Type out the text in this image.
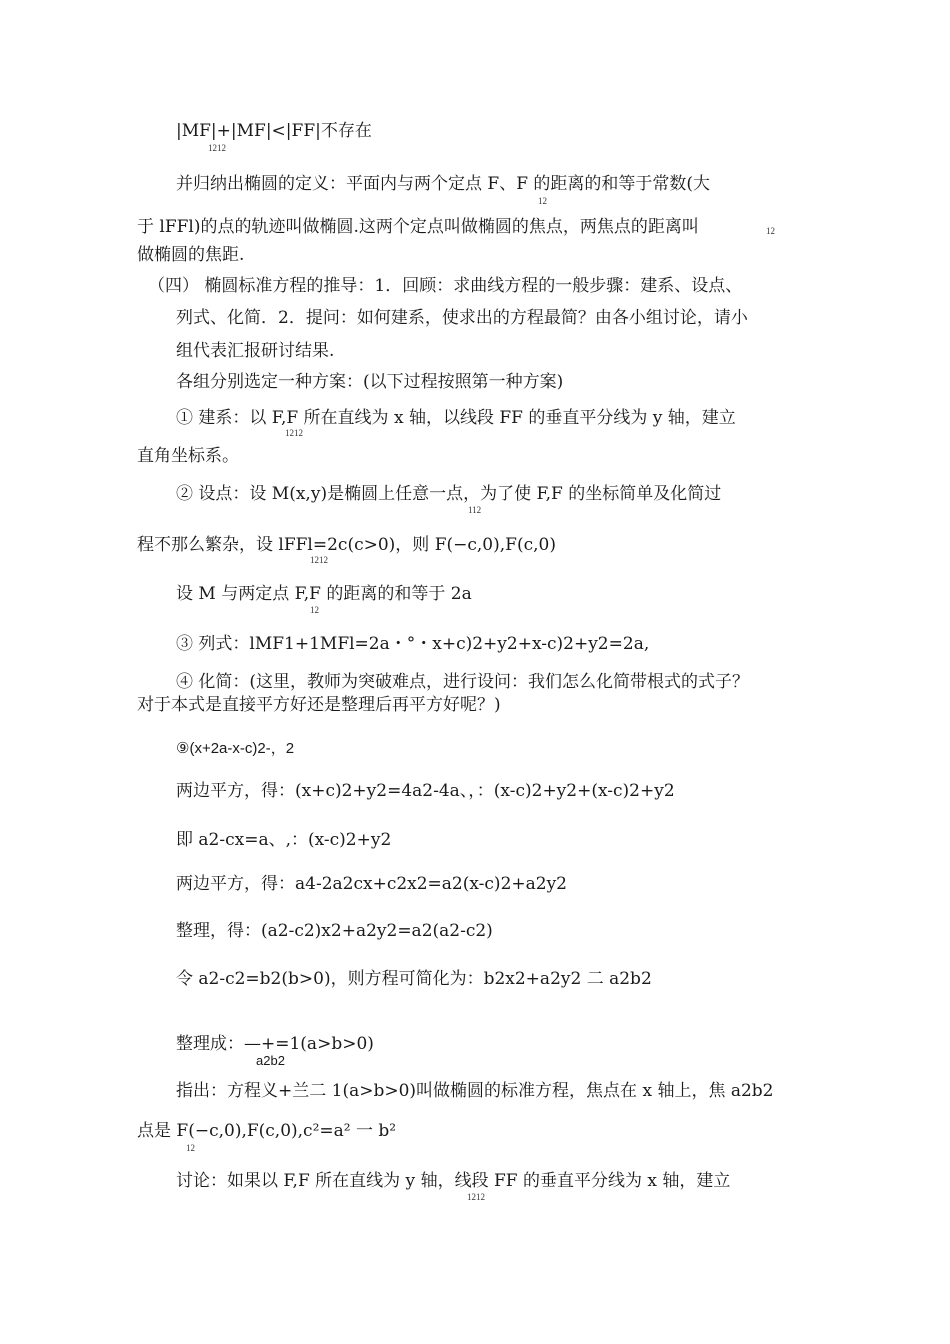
|MF|+|MF|<|FF|不存在
1212
并归纳出椭圆的定义：平面内与两个定点 F、F 的距离的和等于常数(大
12
于 lFFl)的点的轨迹叫做椭圆.这两个定点叫做椭圆的焦点，两焦点的距离叫	12
做椭圆的焦距.
（四） 椭圆标准方程的推导：1．回顾：求曲线方程的一般步骤：建系、设点、
列式、化简．2．提问：如何建系，使求出的方程最简？由各小组讨论，请小
组代表汇报研讨结果.
各组分别选定一种方案：(以下过程按照第一种方案)
① 建系：以 F,F 所在直线为 x 轴，以线段 FF 的垂直平分线为 y 轴，建立
1212
直角坐标系。
② 设点：设 M(x,y)是椭圆上任意一点，为了使 F,F 的坐标简单及化简过
112
程不那么繁杂，设 lFFl=2c(c>0)，则 F(−c,0),F(c,0)
1212
设 M 与两定点 F,F 的距离的和等于 2a
12
③ 列式：lMF1+1MFl=2a・°・x+c)2+y2+x-c)2+y2=2a,
④ 化简：(这里，教师为突破难点，进行设问：我们怎么化简带根式的式子？
对于本式是直接平方好还是整理后再平方好呢？)
⑨(x+2a-x-c)2-，2
两边平方，得：(x+c)2+y2=4a2-4a、，：(x-c)2+y2+(x-c)2+y2
即 a2-cx=a、,：(x-c)2+y2
两边平方，得：a4-2a2cx+c2x2=a2(x-c)2+a2y2
整理，得：(a2-c2)x2+a2y2=a2(a2-c2)
令 a2-c2=b2(b>0)，则方程可简化为：b2x2+a2y2 二 a2b2
整理成：—+=1(a>b>0)
a2b2
指出：方程义+兰二 1(a>b>0)叫做椭圆的标准方程，焦点在 x 轴上，焦 a2b2
点是 F(−c,0),F(c,0),c²=a² 一 b²
12
讨论：如果以 F,F 所在直线为 y 轴，线段 FF 的垂直平分线为 x 轴，建立
1212
